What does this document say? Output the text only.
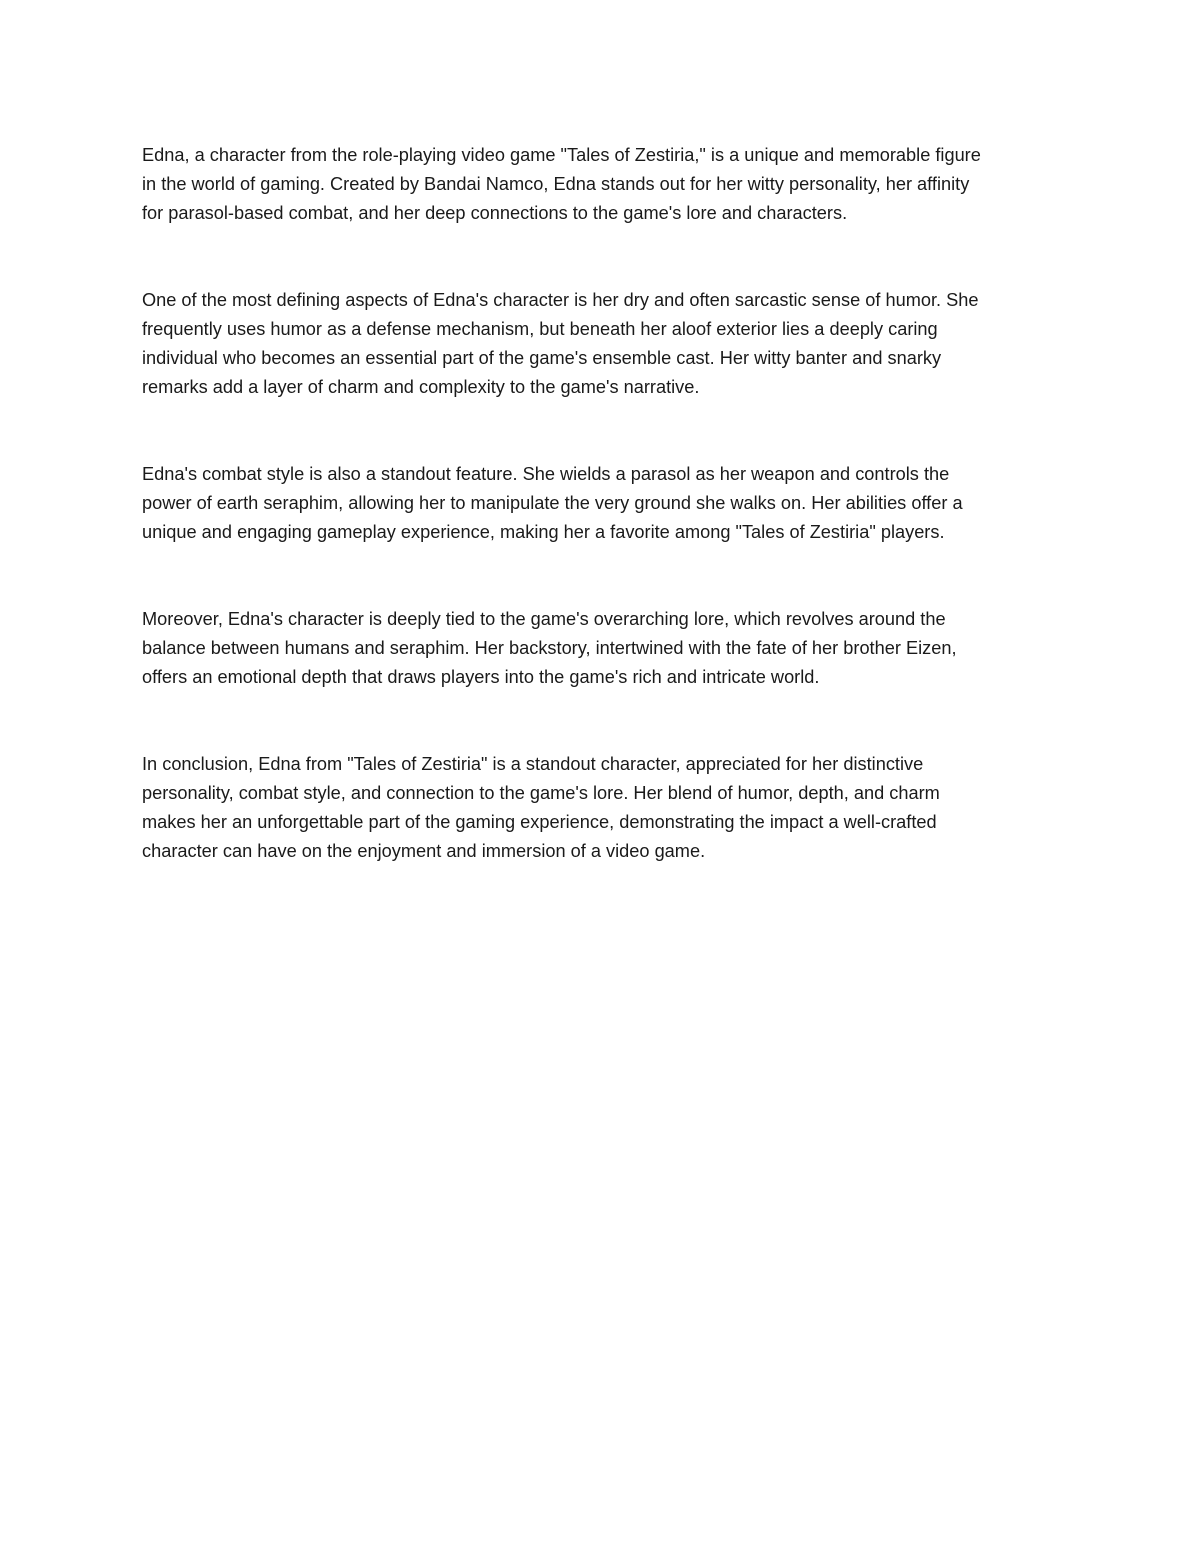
Edna, a character from the role-playing video game "Tales of Zestiria," is a unique and memorable figure
in the world of gaming. Created by Bandai Namco, Edna stands out for her witty personality, her affinity
for parasol-based combat, and her deep connections to the game's lore and characters.

One of the most defining aspects of Edna's character is her dry and often sarcastic sense of humor. She
frequently uses humor as a defense mechanism, but beneath her aloof exterior lies a deeply caring
individual who becomes an essential part of the game's ensemble cast. Her witty banter and snarky
remarks add a layer of charm and complexity to the game's narrative.

Edna's combat style is also a standout feature. She wields a parasol as her weapon and controls the
power of earth seraphim, allowing her to manipulate the very ground she walks on. Her abilities offer a
unique and engaging gameplay experience, making her a favorite among "Tales of Zestiria" players.

Moreover, Edna's character is deeply tied to the game's overarching lore, which revolves around the
balance between humans and seraphim. Her backstory, intertwined with the fate of her brother Eizen,
offers an emotional depth that draws players into the game's rich and intricate world.

In conclusion, Edna from "Tales of Zestiria" is a standout character, appreciated for her distinctive
personality, combat style, and connection to the game's lore. Her blend of humor, depth, and charm
makes her an unforgettable part of the gaming experience, demonstrating the impact a well-crafted
character can have on the enjoyment and immersion of a video game.
